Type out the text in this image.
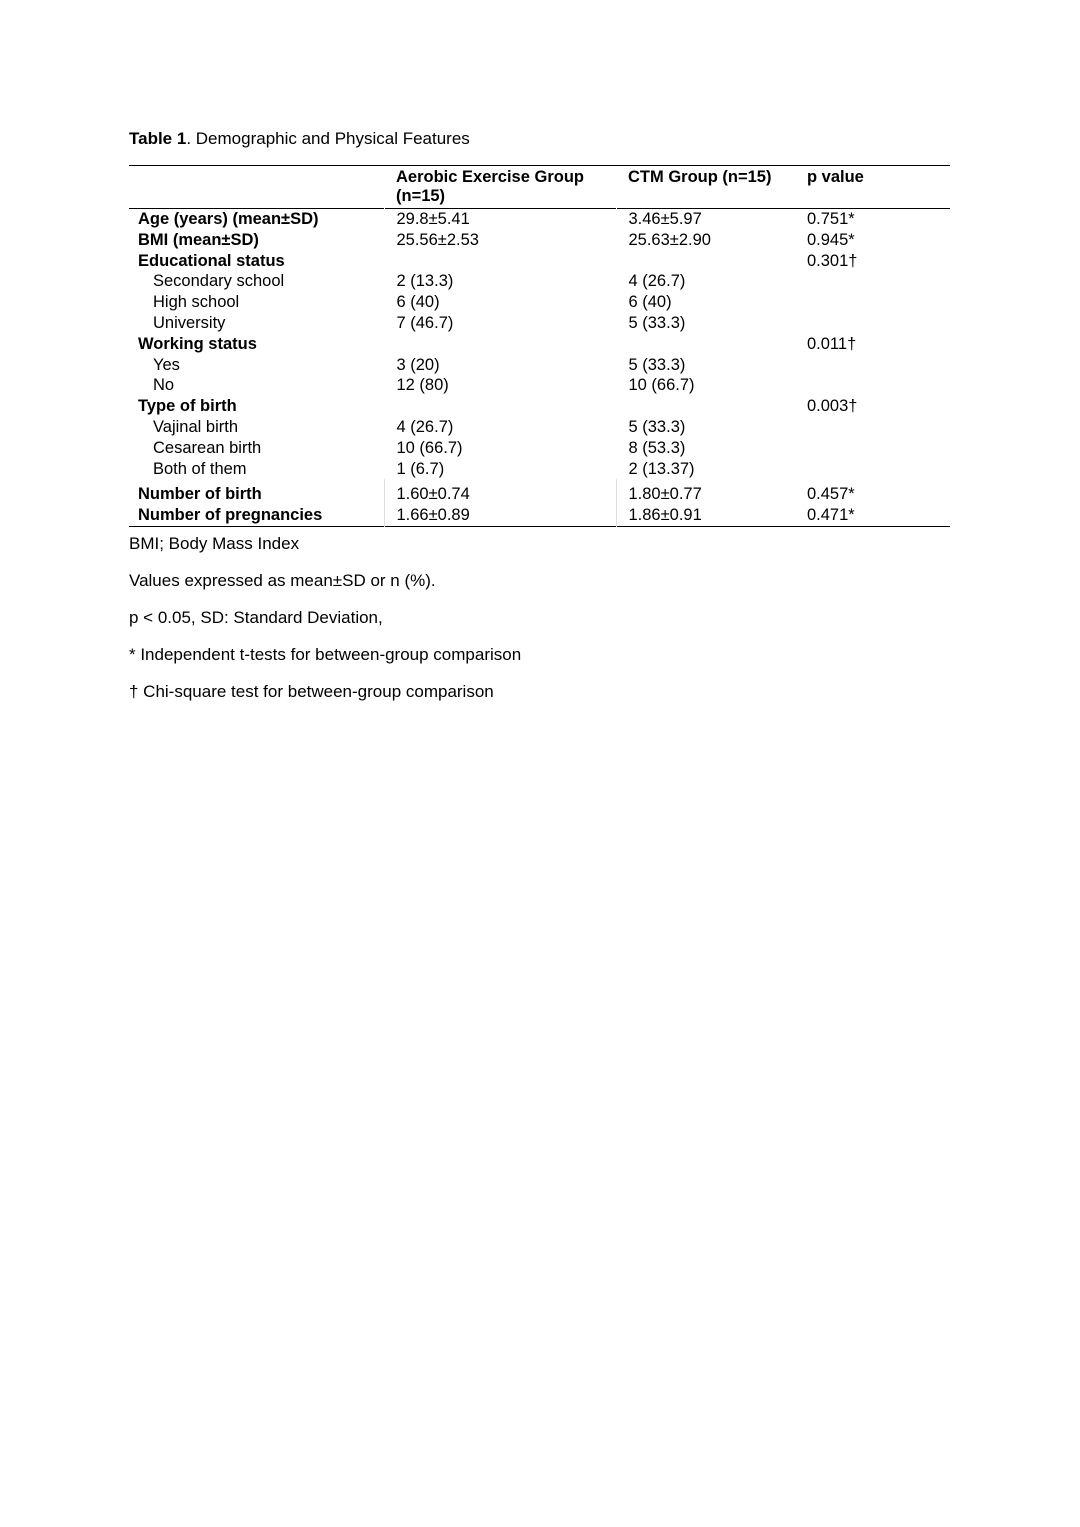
Table 1. Demographic and Physical Features
	Aerobic Exercise Group (n=15)	CTM Group (n=15)	p value
Age (years) (mean±SD)	29.8±5.41	3.46±5.97	0.751*
BMI (mean±SD)	25.56±2.53	25.63±2.90	0.945*
Educational status			0.301†
Secondary school	2 (13.3)	4 (26.7)	
High school	6 (40)	6 (40)	
University	7 (46.7)	5 (33.3)	
Working status			0.011†
Yes	3 (20)	5 (33.3)	
No	12 (80)	10 (66.7)	
Type of birth			0.003†
Vajinal birth	4 (26.7)	5 (33.3)	
Cesarean birth	10 (66.7)	8 (53.3)	
Both of them	1 (6.7)	2 (13.37)	
Number of birth	1.60±0.74	1.80±0.77	0.457*
Number of pregnancies	1.66±0.89	1.86±0.91	0.471*

BMI; Body Mass Index

Values expressed as mean±SD or n (%).

p < 0.05, SD: Standard Deviation,

* Independent t-tests for between-group comparison

† Chi-square test for between-group comparison
